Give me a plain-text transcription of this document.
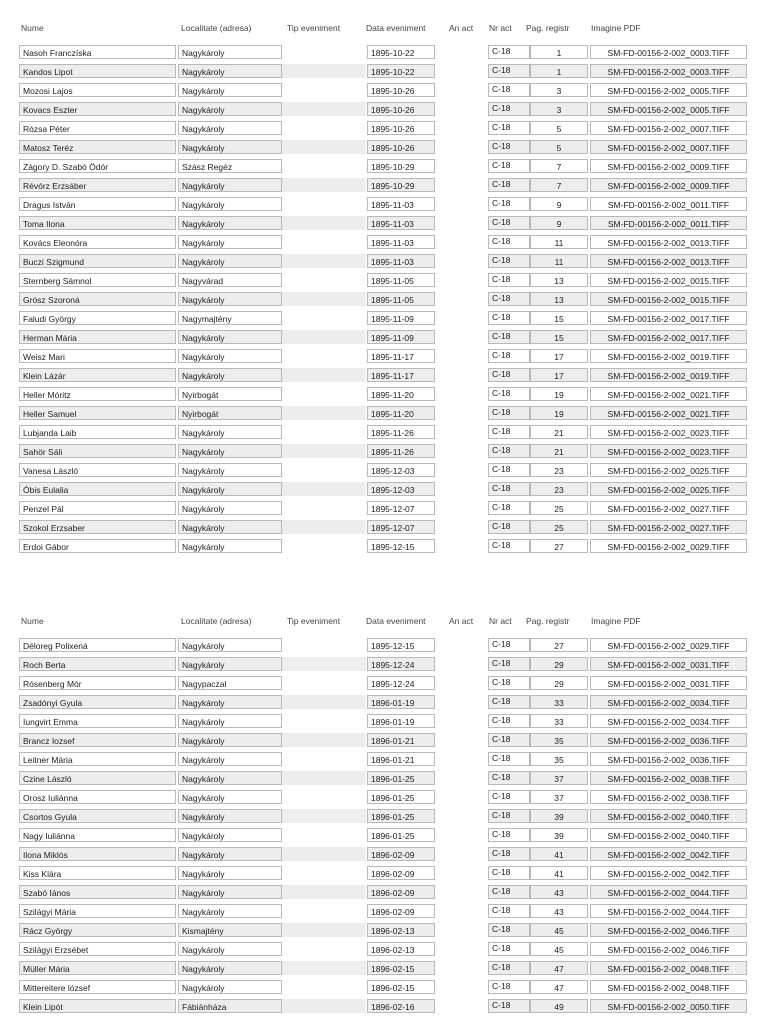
Nume	Localitate (adresa)	Tip eveniment	Data eveniment	An act Nr act Pag. registr	Imagine PDF
Nasoh Franczíska	Nagykároly	1895-10-22	C-18	1	SM-FD-00156-2-002_0003.TIFF
Kandos Lipot	Nagykároly	1895-10-22	C-18	1	SM-FD-00156-2-002_0003.TIFF
Mozosi Lajos	Nagykároly	1895-10-26	C-18	3	SM-FD-00156-2-002_0005.TIFF
Kovacs Eszter	Nagykároly	1895-10-26	C-18	3	SM-FD-00156-2-002_0005.TIFF
Rózsa Péter	Nagykároly	1895-10-26	C-18	5	SM-FD-00156-2-002_0007.TIFF
Matosz Teréz	Nagykároly	1895-10-26	C-18	5	SM-FD-00156-2-002_0007.TIFF
Zágory D. Szabó Ödór	Szász Regéz	1895-10-29	C-18	7	SM-FD-00156-2-002_0009.TIFF
Révórz Erzsáber	Nagykároly	1895-10-29	C-18	7	SM-FD-00156-2-002_0009.TIFF
Dragus István	Nagykároly	1895-11-03	C-18	9	SM-FD-00156-2-002_0011.TIFF
Toma Ilona	Nagykároly	1895-11-03	C-18	9	SM-FD-00156-2-002_0011.TIFF
Kovács Eleonóra	Nagykároly	1895-11-03	C-18	11	SM-FD-00156-2-002_0013.TIFF
Buczi Szigmund	Nagykároly	1895-11-03	C-18	11	SM-FD-00156-2-002_0013.TIFF
Sternberg Sámnol	Nagyvárad	1895-11-05	C-18	13	SM-FD-00156-2-002_0015.TIFF
Grósz Szoroná	Nagykároly	1895-11-05	C-18	13	SM-FD-00156-2-002_0015.TIFF
Faludi György	Nagymajtény	1895-11-09	C-18	15	SM-FD-00156-2-002_0017.TIFF
Herman Mária	Nagykároly	1895-11-09	C-18	15	SM-FD-00156-2-002_0017.TIFF
Weisz Mari	Nagykároly	1895-11-17	C-18	17	SM-FD-00156-2-002_0019.TIFF
Klein Lázár	Nagykároly	1895-11-17	C-18	17	SM-FD-00156-2-002_0019.TIFF
Heller Móritz	Nyirbogát	1895-11-20	C-18	19	SM-FD-00156-2-002_0021.TIFF
Heller Samuel	Nyirbogát	1895-11-20	C-18	19	SM-FD-00156-2-002_0021.TIFF
Lubjanda Laib	Nagykároly	1895-11-26	C-18	21	SM-FD-00156-2-002_0023.TIFF
Sahör Sáli	Nagykároly	1895-11-26	C-18	21	SM-FD-00156-2-002_0023.TIFF
Vanesa László	Nagykároly	1895-12-03	C-18	23	SM-FD-00156-2-002_0025.TIFF
Óbis Eulalia	Nagykároly	1895-12-03	C-18	23	SM-FD-00156-2-002_0025.TIFF
Penzel Pál	Nagykároly	1895-12-07	C-18	25	SM-FD-00156-2-002_0027.TIFF
Szokol Erzsaber	Nagykároly	1895-12-07	C-18	25	SM-FD-00156-2-002_0027.TIFF
Erdoi Gábor	Nagykároly	1895-12-15	C-18	27	SM-FD-00156-2-002_0029.TIFF
Nume	Localitate (adresa)	Tip eveniment	Data eveniment	An act Nr act Pag. registr	Imagine PDF
Déloreg Polixená	Nagykároly	1895-12-15	C-18	27	SM-FD-00156-2-002_0029.TIFF
Roch Berta	Nagykároly	1895-12-24	C-18	29	SM-FD-00156-2-002_0031.TIFF
Rósenberg Mór	Nagypaczal	1895-12-24	C-18	29	SM-FD-00156-2-002_0031.TIFF
Zsadónyi Gyula	Nagykároly	1896-01-19	C-18	33	SM-FD-00156-2-002_0034.TIFF
Iungvirt Emma	Nagykároly	1896-01-19	C-18	33	SM-FD-00156-2-002_0034.TIFF
Brancz Iozsef	Nagykároly	1896-01-21	C-18	35	SM-FD-00156-2-002_0036.TIFF
Leitner Mária	Nagykároly	1896-01-21	C-18	35	SM-FD-00156-2-002_0036.TIFF
Czine László	Nagykároly	1896-01-25	C-18	37	SM-FD-00156-2-002_0038.TIFF
Orosz Iuliánna	Nagykároly	1896-01-25	C-18	37	SM-FD-00156-2-002_0038.TIFF
Csortos Gyula	Nagykároly	1896-01-25	C-18	39	SM-FD-00156-2-002_0040.TIFF
Nagy Iuliánna	Nagykároly	1896-01-25	C-18	39	SM-FD-00156-2-002_0040.TIFF
Ilona Miklós	Nagykároly	1896-02-09	C-18	41	SM-FD-00156-2-002_0042.TIFF
Kiss Klára	Nagykároly	1896-02-09	C-18	41	SM-FD-00156-2-002_0042.TIFF
Szabó Iános	Nagykároly	1896-02-09	C-18	43	SM-FD-00156-2-002_0044.TIFF
Szilágyi Mária	Nagykároly	1896-02-09	C-18	43	SM-FD-00156-2-002_0044.TIFF
Rácz György	Kismajtény	1896-02-13	C-18	45	SM-FD-00156-2-002_0046.TIFF
Szilágyi Erzsébet	Nagykároly	1896-02-13	C-18	45	SM-FD-00156-2-002_0046.TIFF
Müller Mária	Nagykároly	1896-02-15	C-18	47	SM-FD-00156-2-002_0048.TIFF
Mittereitere lózsef	Nagykároly	1896-02-15	C-18	47	SM-FD-00156-2-002_0048.TIFF
Klein Lipót	Fábiánháza	1896-02-16	C-18	49	SM-FD-00156-2-002_0050.TIFF
